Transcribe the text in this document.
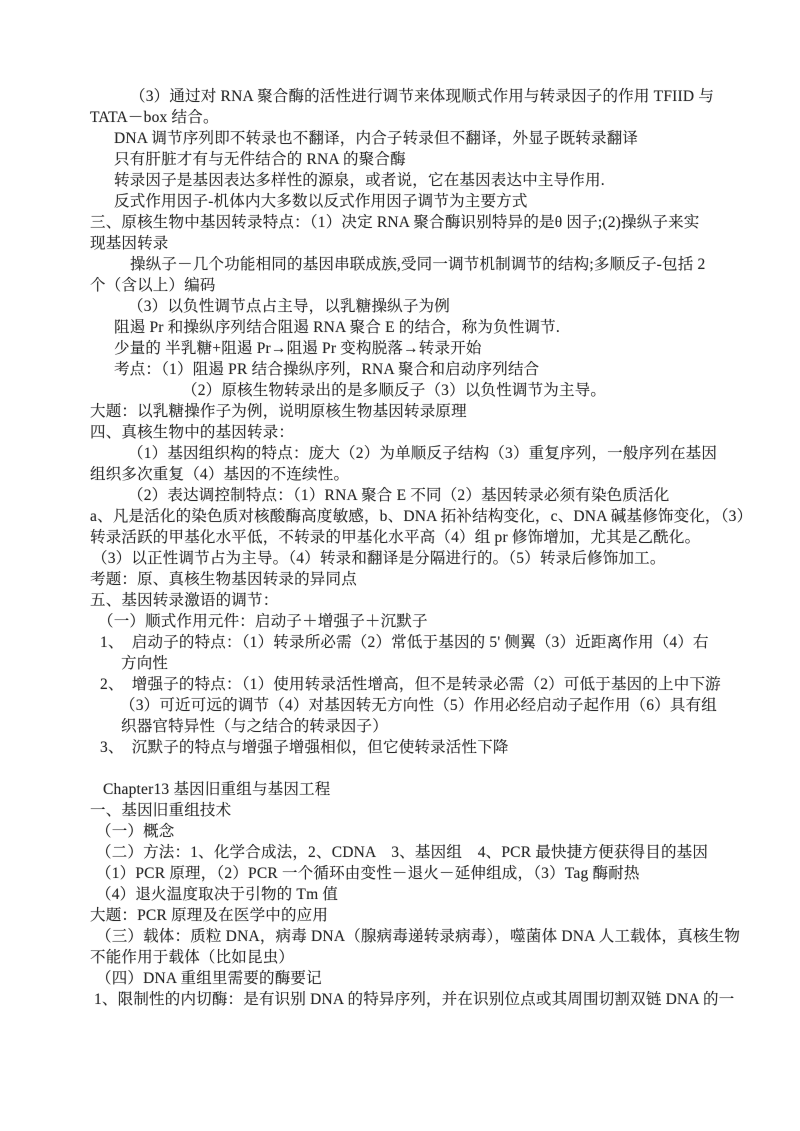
（3）通过对 RNA 聚合酶的活性进行调节来体现顺式作用与转录因子的作用 TFIID 与
TATA－box 结合。
DNA 调节序列即不转录也不翻译，内合子转录但不翻译，外显子既转录翻译
只有肝脏才有与无件结合的 RNA 的聚合酶
转录因子是基因表达多样性的源泉，或者说，它在基因表达中主导作用.
反式作用因子-机体内大多数以反式作用因子调节为主要方式
三、原核生物中基因转录特点：（1）决定 RNA 聚合酶识别特异的是θ 因子;(2)操纵子来实
现基因转录
操纵子－几个功能相同的基因串联成族,受同一调节机制调节的结构;多顺反子-包括 2
个（含以上）编码
（3）以负性调节点占主导，以乳糖操纵子为例
阻遏 Pr 和操纵序列结合阻遏 RNA 聚合 E 的结合，称为负性调节.
少量的 半乳糖+阻遏 Pr→阻遏 Pr 变构脱落→转录开始
考点：（1）阻遏 PR 结合操纵序列，RNA 聚合和启动序列结合
（2）原核生物转录出的是多顺反子（3）以负性调节为主导。
大题：以乳糖操作子为例，说明原核生物基因转录原理
四、真核生物中的基因转录：
（1）基因组织构的特点：庞大（2）为单顺反子结构（3）重复序列，一般序列在基因
组织多次重复（4）基因的不连续性。
（2）表达调控制特点：（1）RNA 聚合 E 不同（2）基因转录必须有染色质活化
a、凡是活化的染色质对核酸酶高度敏感，b、DNA 拓补结构变化，c、DNA 碱基修饰变化，（3）
转录活跃的甲基化水平低，不转录的甲基化水平高（4）组 pr 修饰增加，尤其是乙酰化。
（3）以正性调节占为主导。（4）转录和翻译是分隔进行的。（5）转录后修饰加工。
考题：原、真核生物基因转录的异同点
五、基因转录激语的调节：
（一）顺式作用元件：启动子＋增强子＋沉默子
1、  启动子的特点：（1）转录所必需（2）常低于基因的 5' 侧翼（3）近距离作用（4）右
方向性
2、  增强子的特点：（1）使用转录活性增高，但不是转录必需（2）可低于基因的上中下游
（3）可近可远的调节（4）对基因转无方向性（5）作用必经启动子起作用（6）具有组
织器官特异性（与之结合的转录因子）
3、  沉默子的特点与增强子增强相似，但它使转录活性下降
Chapter13 基因旧重组与基因工程
一、基因旧重组技术
（一）概念
（二）方法：1、化学合成法，2、CDNA　3、基因组　4、PCR 最快捷方便获得目的基因
（1）PCR 原理，（2）PCR 一个循环由变性－退火－延伸组成，（3）Tag 酶耐热
（4）退火温度取决于引物的 Tm 值
大题：PCR 原理及在医学中的应用
（三）载体：质粒 DNA，病毒 DNA（腺病毒递转录病毒），噬菌体 DNA 人工载体，真核生物
不能作用于载体（比如昆虫）
（四）DNA 重组里需要的酶要记
1、限制性的内切酶：是有识别 DNA 的特异序列，并在识别位点或其周围切割双链 DNA 的一
